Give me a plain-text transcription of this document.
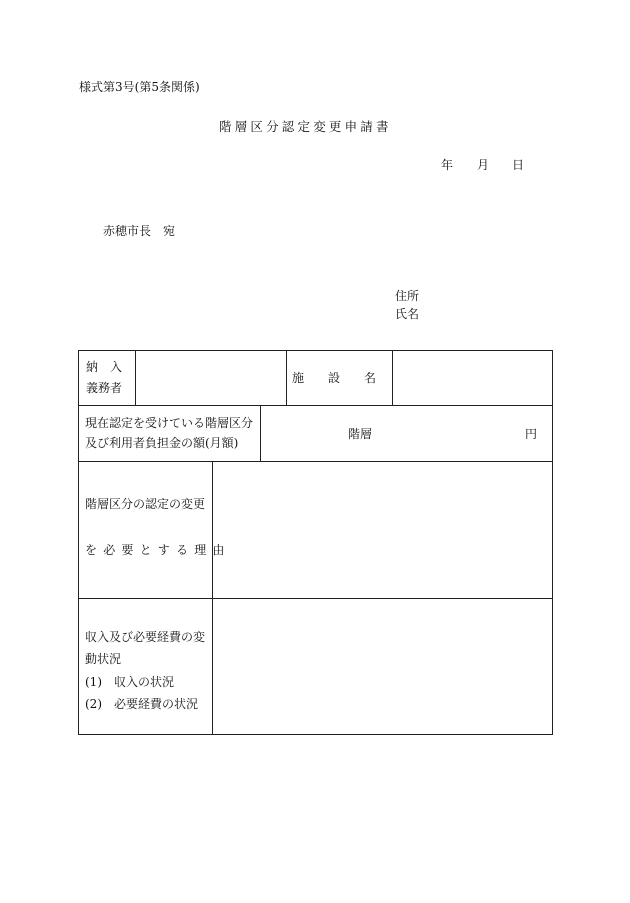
様式第3号(第5条関係)
階層区分認定変更申請書
年 月 日
赤穂市長　宛
住所
氏名
納　入
義務者
施　　設　　名
現在認定を受けている階層区分
及び利用者負担金の額(月額)
階層	円
階層区分の認定の変更
を必要とする理由
収入及び必要経費の変
動状況
(1)　収入の状況
(2)　必要経費の状況
